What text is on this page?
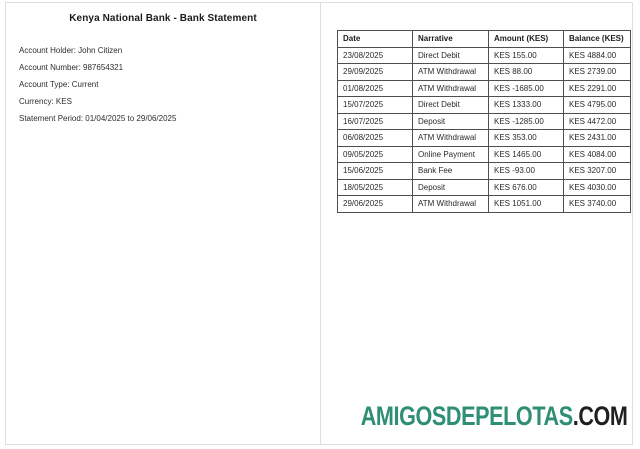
Kenya National Bank - Bank Statement
Account Holder: John Citizen
Account Number: 987654321
Account Type: Current
Currency: KES
Statement Period: 01/04/2025 to 29/06/2025
Date	Narrative	Amount (KES)	Balance (KES)
23/08/2025	Direct Debit	KES 155.00	KES 4884.00
29/09/2025	ATM Withdrawal	KES 88.00	KES 2739.00
01/08/2025	ATM Withdrawal	KES -1685.00	KES 2291.00
15/07/2025	Direct Debit	KES 1333.00	KES 4795.00
16/07/2025	Deposit	KES -1285.00	KES 4472.00
06/08/2025	ATM Withdrawal	KES 353.00	KES 2431.00
09/05/2025	Online Payment	KES 1465.00	KES 4084.00
15/06/2025	Bank Fee	KES -93.00	KES 3207.00
18/05/2025	Deposit	KES 676.00	KES 4030.00
29/06/2025	ATM Withdrawal	KES 1051.00	KES 3740.00
AMIGOSDEPELOTAS.COM
